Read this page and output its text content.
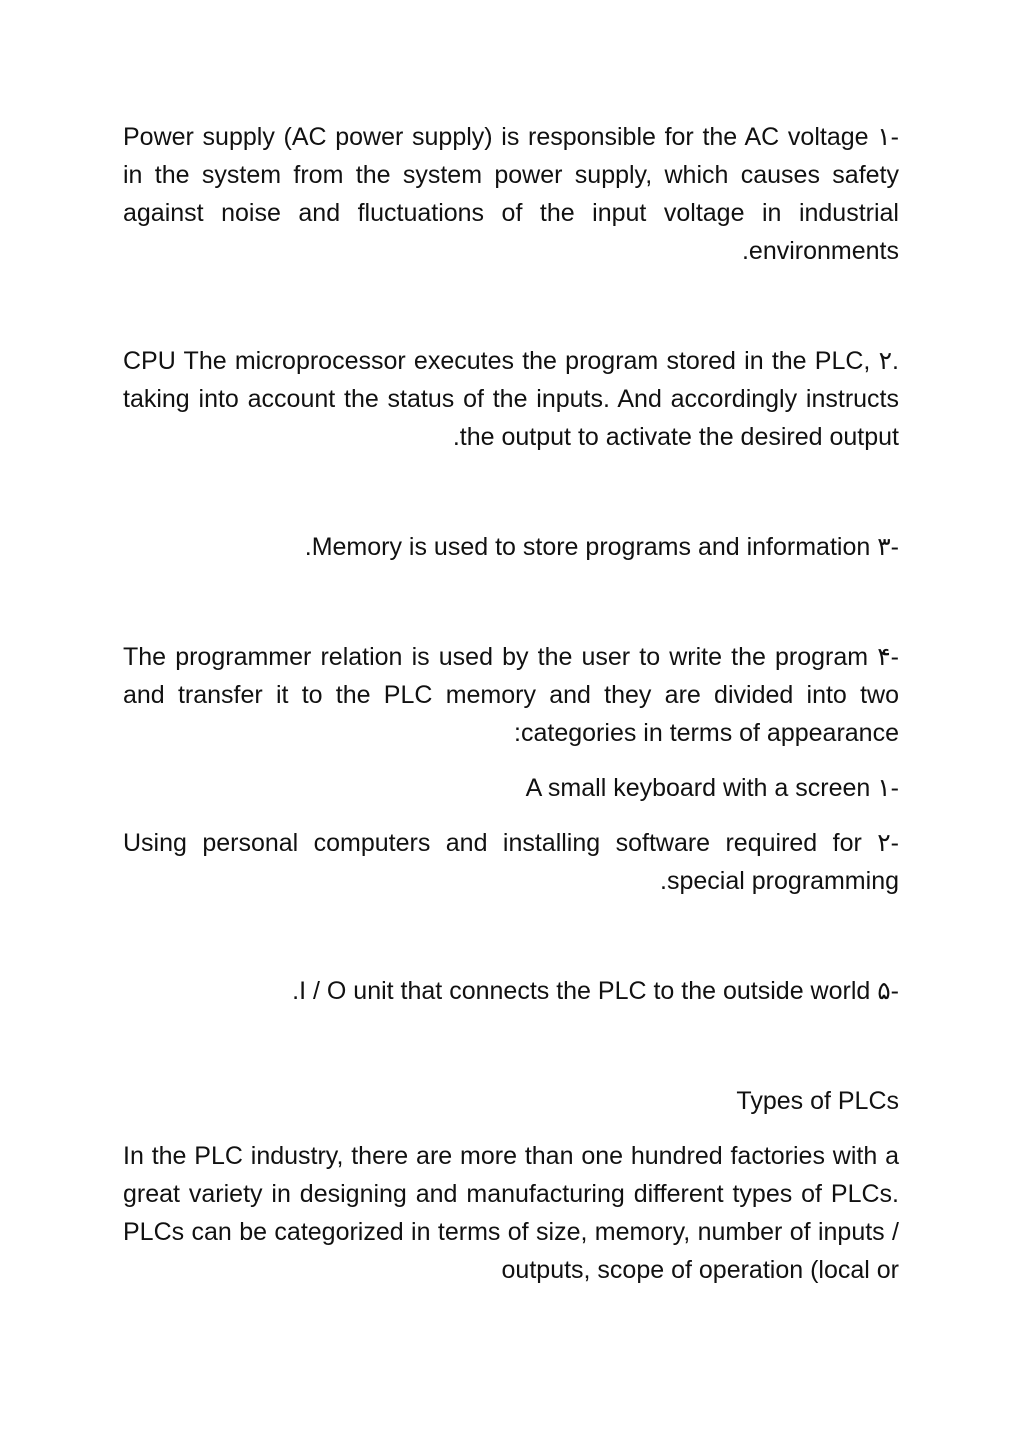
-١ Power supply (AC power supply) is responsible for the AC voltage in the system from the system power supply, which causes safety against noise and fluctuations of the input voltage in industrial environments.

.٢ CPU The microprocessor executes the program stored in the PLC, taking into account the status of the inputs. And accordingly instructs the output to activate the desired output.

-٣ Memory is used to store programs and information.

-۴ The programmer relation is used by the user to write the program and transfer it to the PLC memory and they are divided into two categories in terms of appearance:

-١ A small keyboard with a screen

-٢ Using personal computers and installing software required for special programming.

-۵ I / O unit that connects the PLC to the outside world.

Types of PLCs

In the PLC industry, there are more than one hundred factories with a great variety in designing and manufacturing different types of PLCs. PLCs can be categorized in terms of size, memory, number of inputs / outputs, scope of operation (local or
